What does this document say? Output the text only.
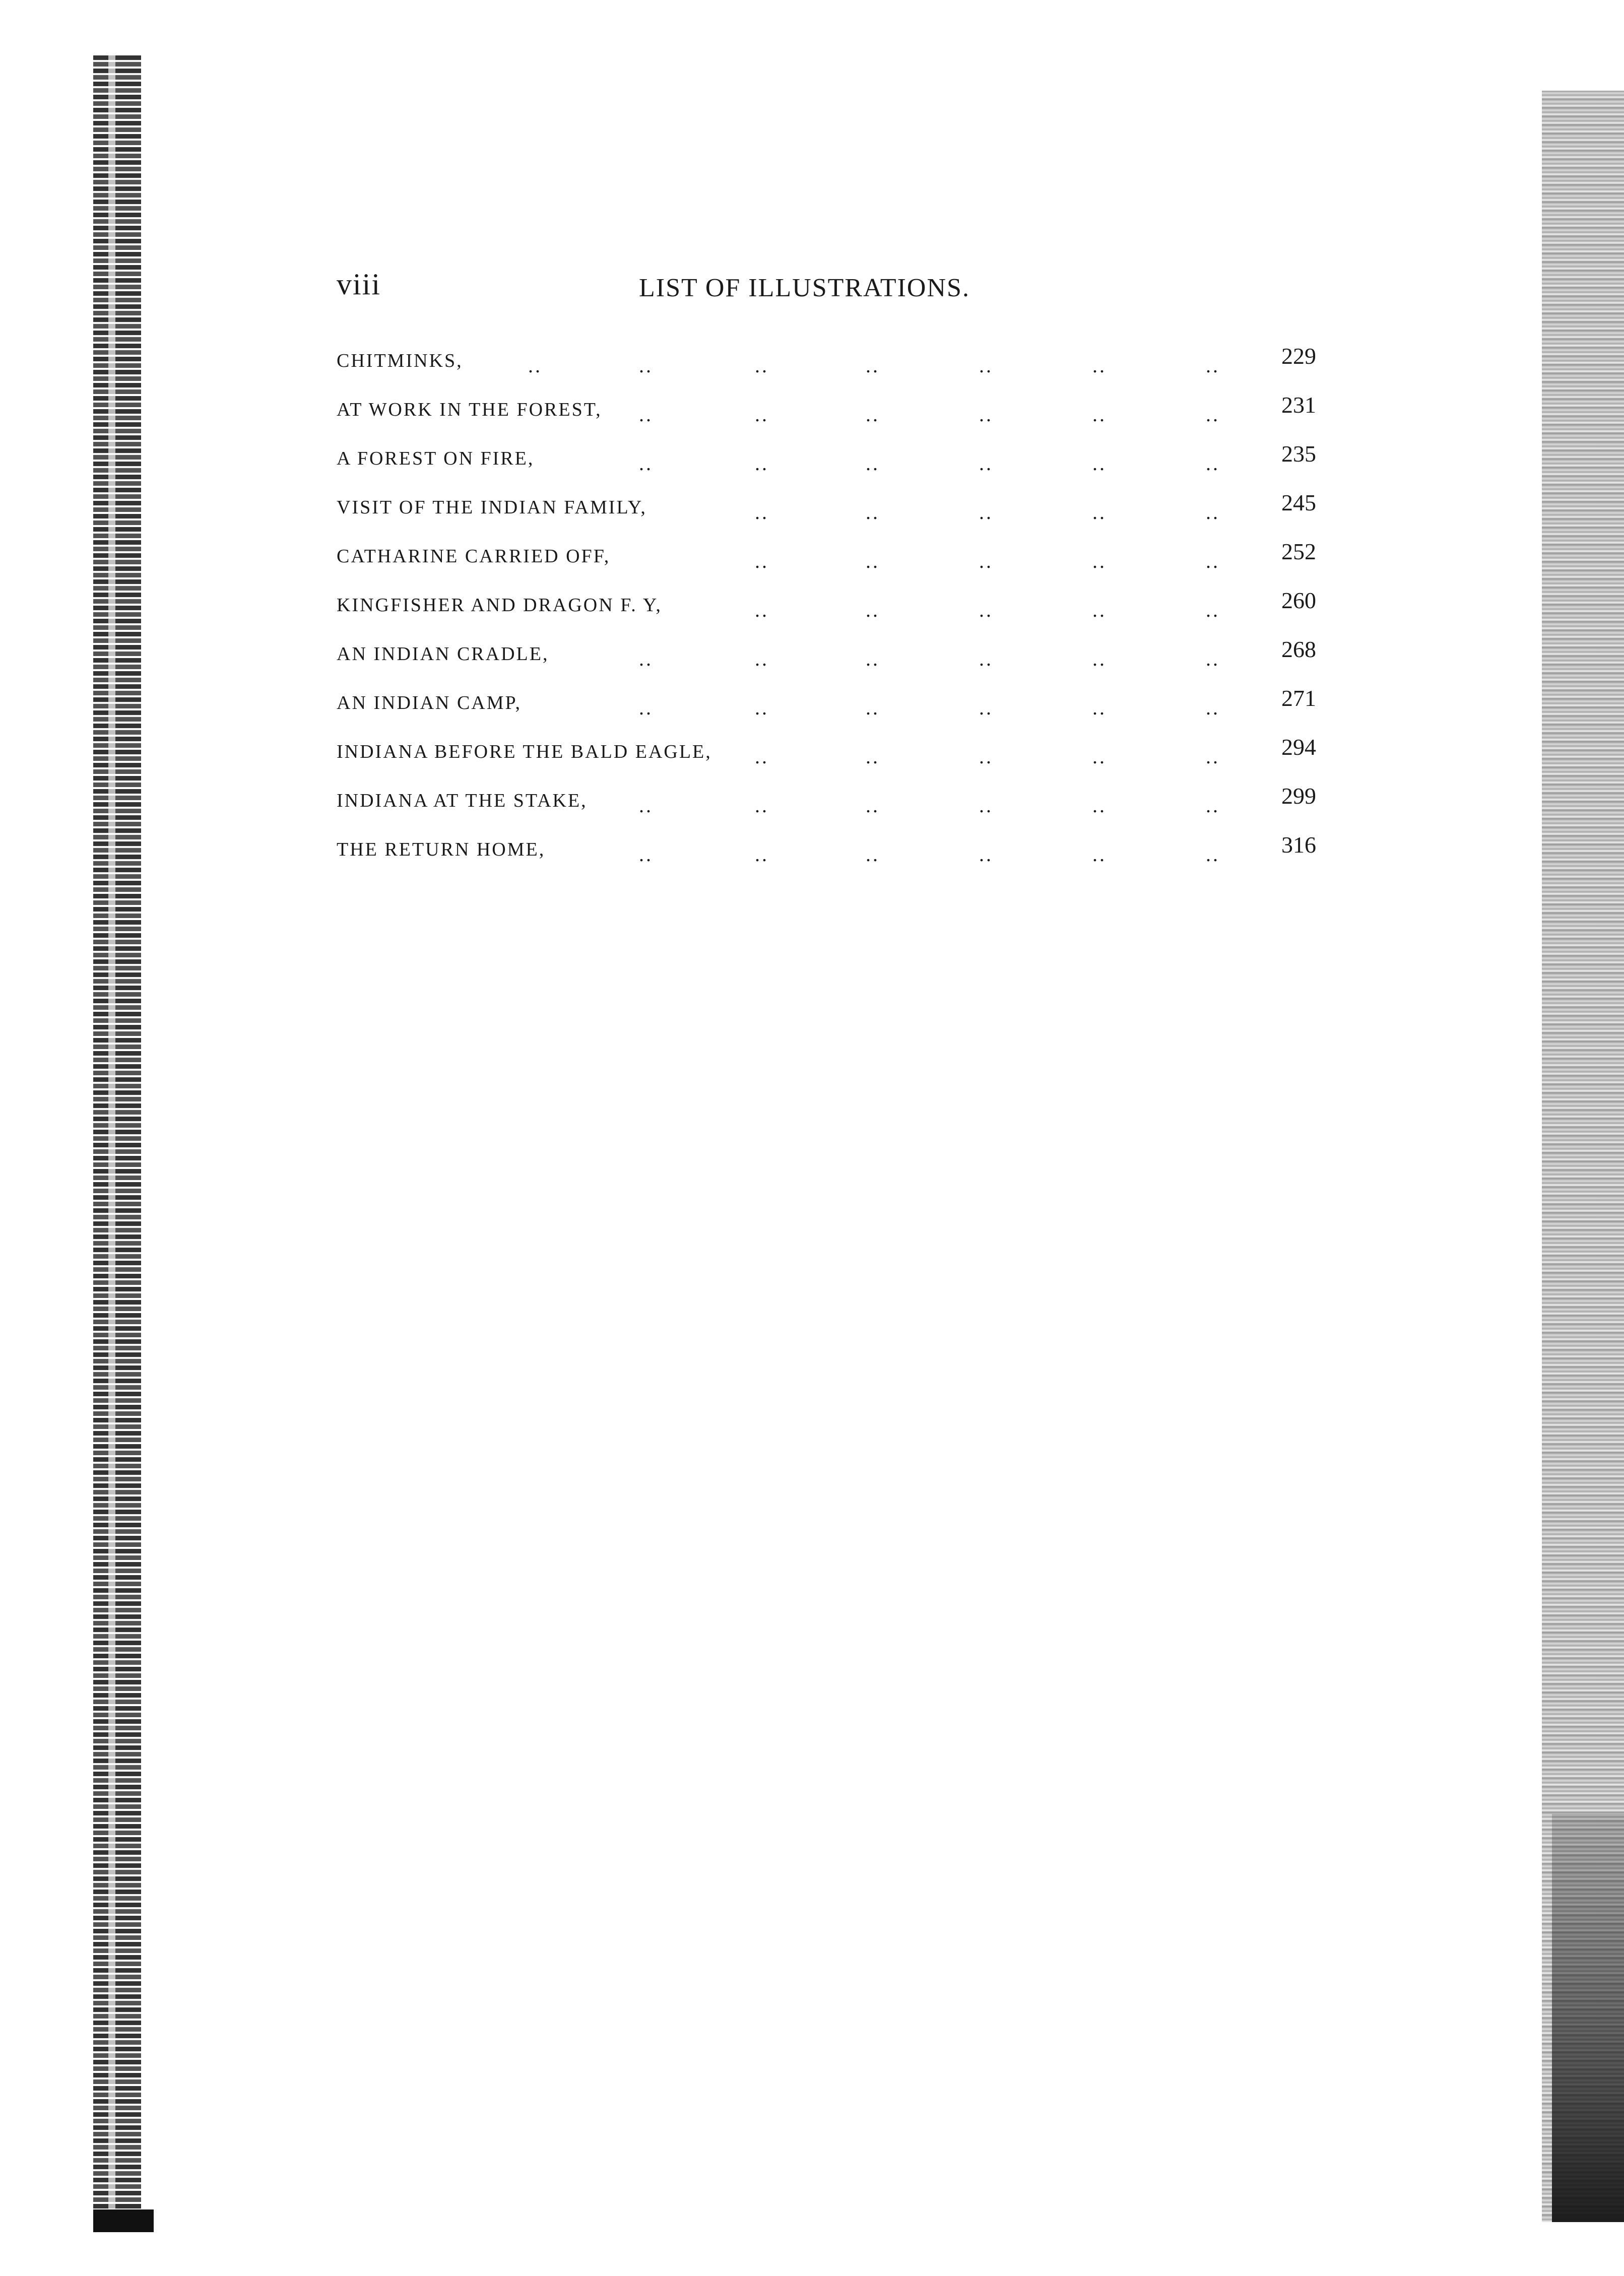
viii	LIST OF ILLUSTRATIONS.
CHITMINKS,	229
..	..	..	..	..	..	..
AT WORK IN THE FOREST,	231
..	..	..	..	..	..
A FOREST ON FIRE,	235
..	..	..	..	..	..
VISIT OF THE INDIAN FAMILY,	245
..	..	..	..	..
CATHARINE CARRIED OFF,	252
..	..	..	..	..
KINGFISHER AND DRAGON F. Y,	260
..	..	..	..	..
AN INDIAN CRADLE,	268
..	..	..	..	..	..
AN INDIAN CAMP,	271
..	..	..	..	..	..
INDIANA BEFORE THE BALD EAGLE,	294
..	..	..	..	..
INDIANA AT THE STAKE,	299
..	..	..	..	..	..
THE RETURN HOME,	316
..	..	..	..	..	..
